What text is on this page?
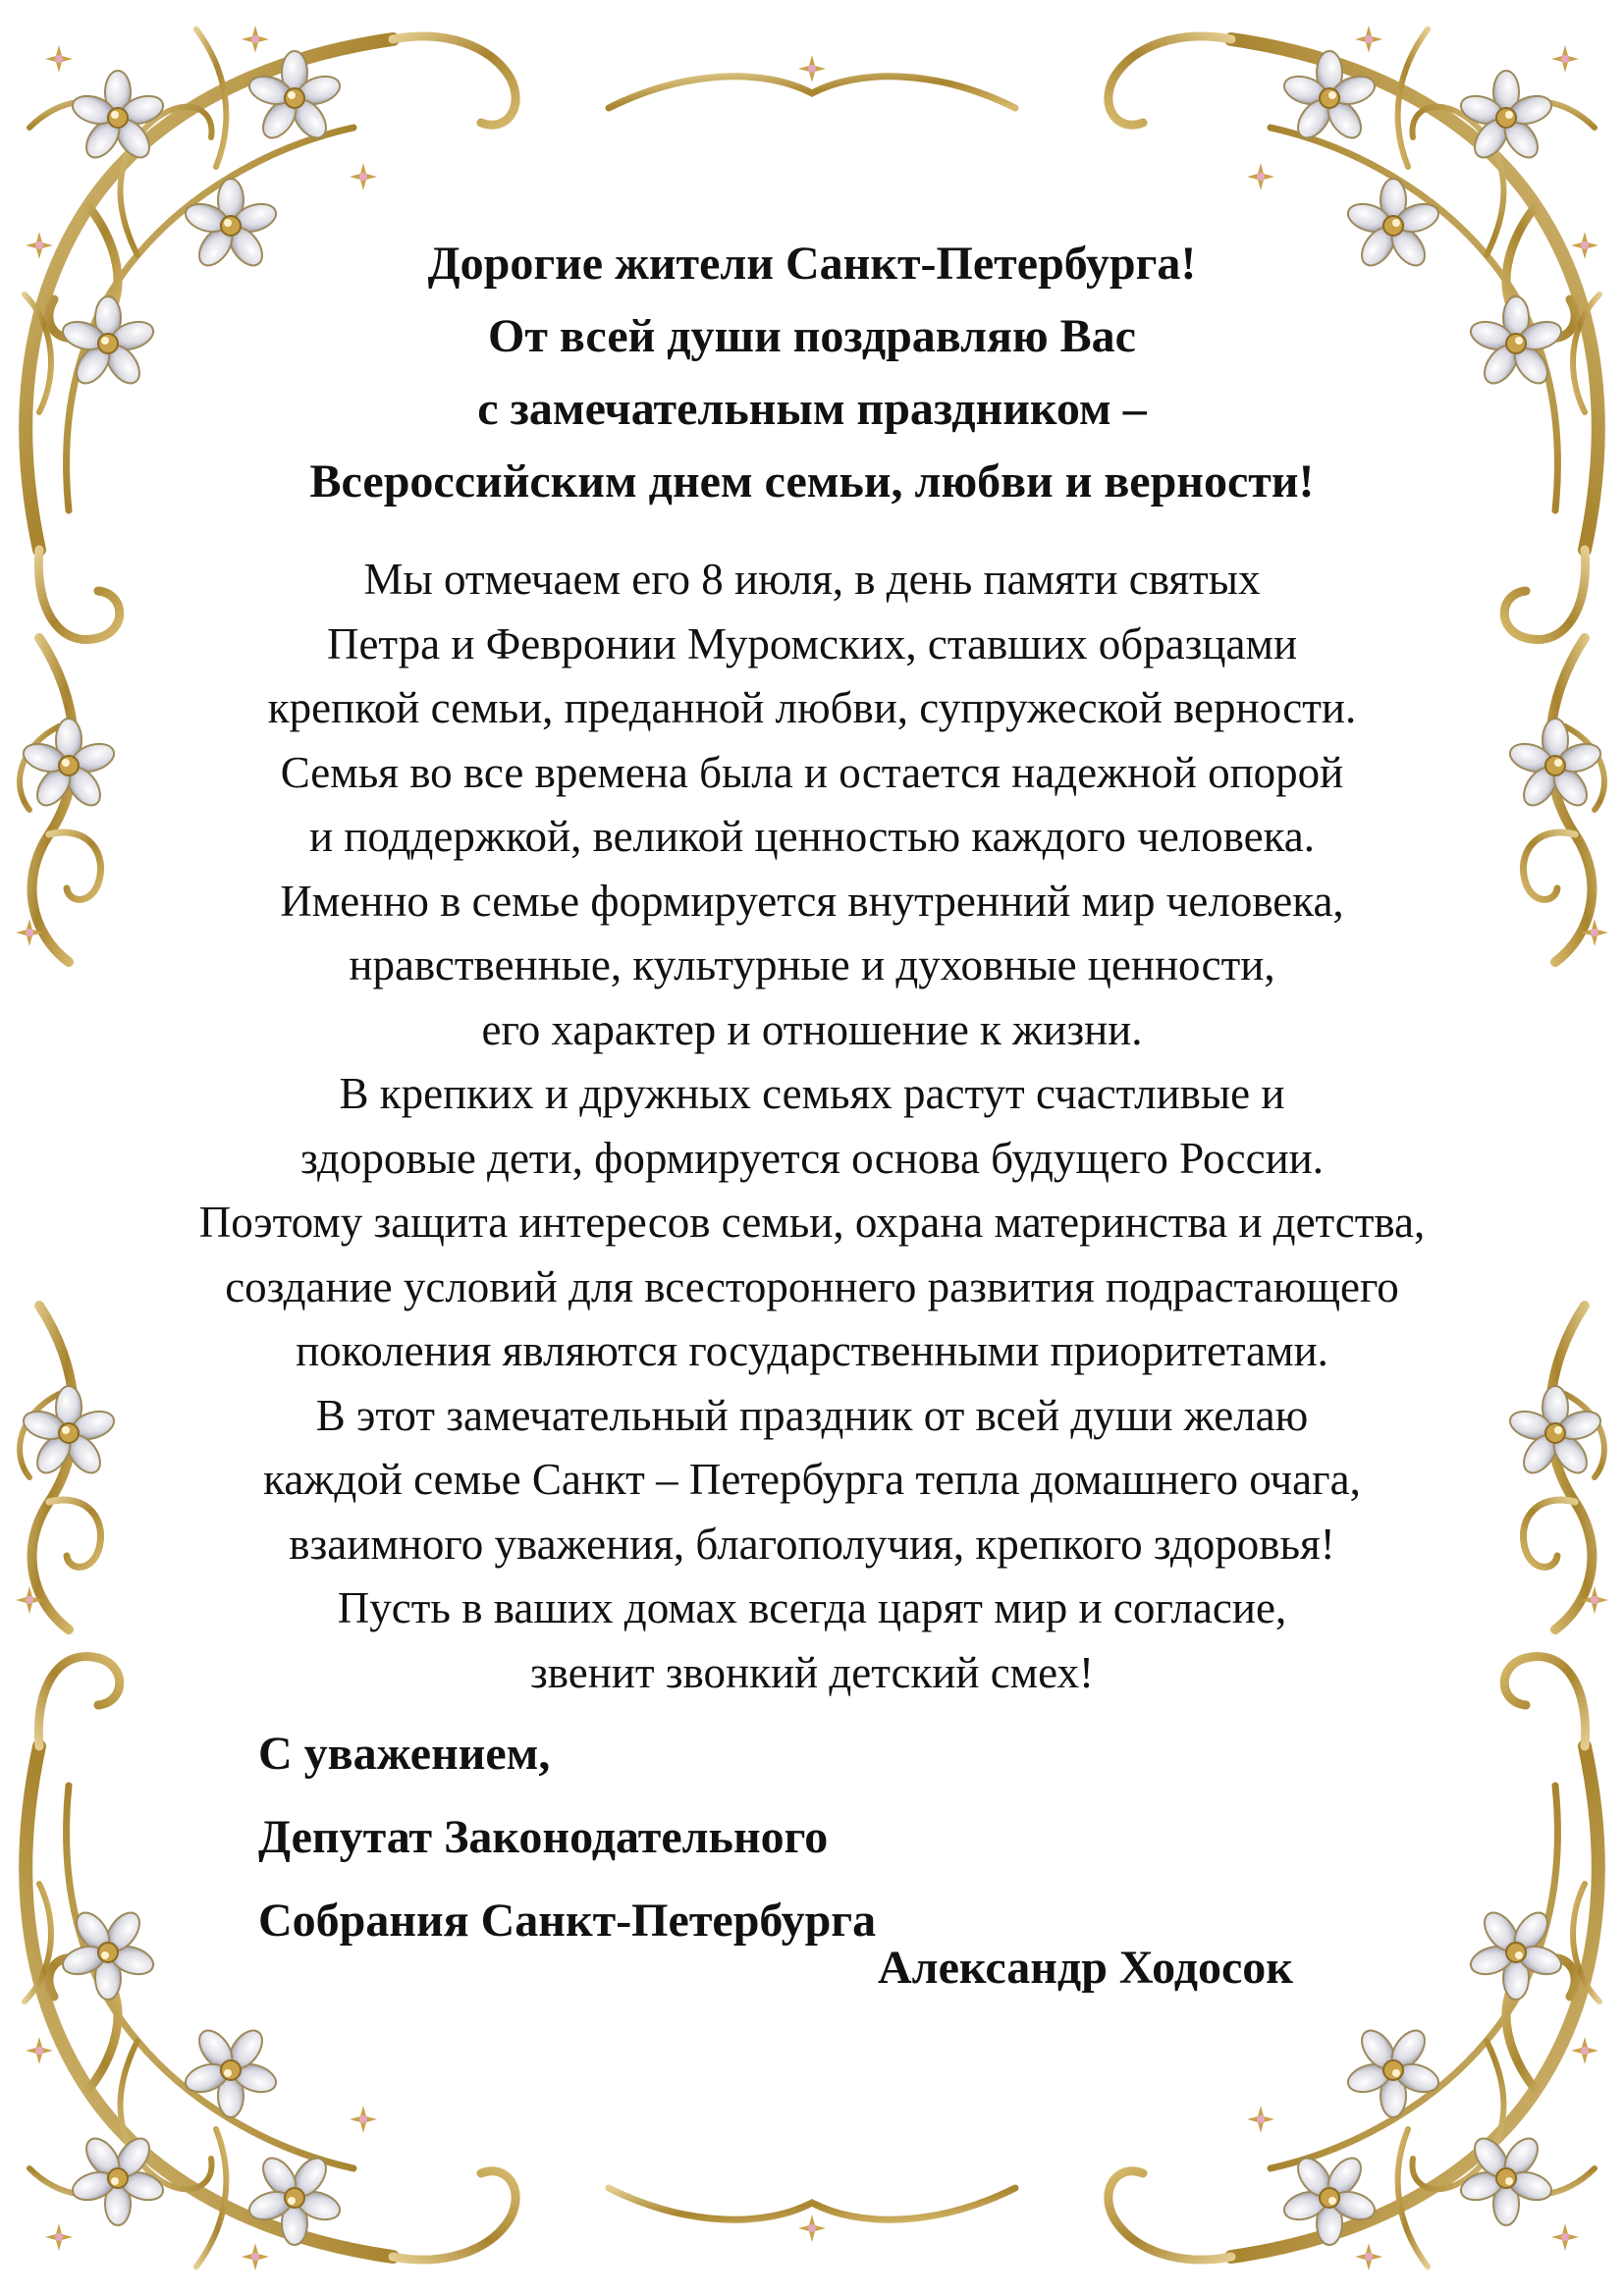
Дорогие жители Санкт-Петербурга!
От всей души поздравляю Вас
с замечательным праздником –
Всероссийским днем семьи, любви и верности!
Мы отмечаем его 8 июля, в день памяти святых
Петра и Февронии Муромских, ставших образцами
крепкой семьи, преданной любви, супружеской верности.
Семья во все времена была и остается надежной опорой
и поддержкой, великой ценностью каждого человека.
Именно в семье формируется внутренний мир человека,
нравственные, культурные и духовные ценности,
его характер и отношение к жизни.
В крепких и дружных семьях растут счастливые и
здоровые дети, формируется основа будущего России.
Поэтому защита интересов семьи, охрана материнства и детства,
создание условий для всестороннего развития подрастающего
поколения являются государственными приоритетами.
В этот замечательный праздник от всей души желаю
каждой семье Санкт – Петербурга тепла домашнего очага,
взаимного уважения, благополучия, крепкого здоровья!
Пусть в ваших домах всегда царят мир и согласие,
звенит звонкий детский смех!
С уважением,
Депутат Законодательного
Собрания Санкт-Петербурга
Александр Ходосок
